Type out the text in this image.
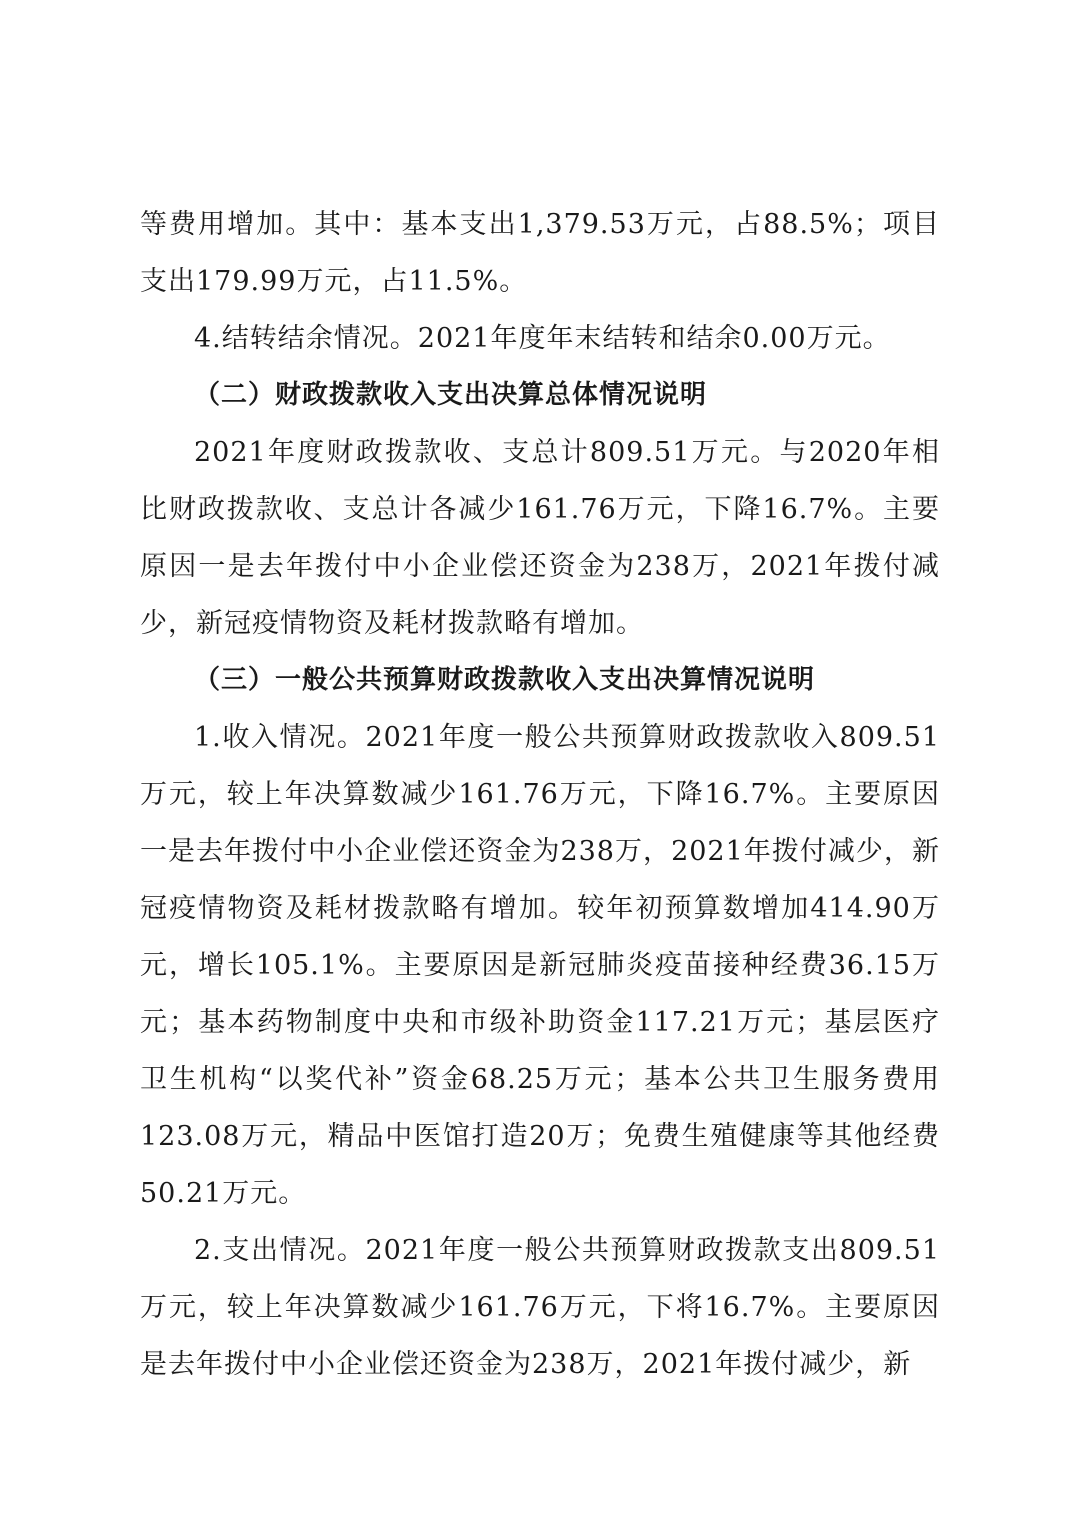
等费用增加。其中：基本支出1,379.53万元，占88.5%；项目支出179.99万元，占11.5%。

4.结转结余情况。2021年度年末结转和结余0.00万元。

（二）财政拨款收入支出决算总体情况说明

2021年度财政拨款收、支总计809.51万元。与2020年相比财政拨款收、支总计各减少161.76万元，下降16.7%。主要原因一是去年拨付中小企业偿还资金为238万，2021年拨付减少，新冠疫情物资及耗材拨款略有增加。

（三）一般公共预算财政拨款收入支出决算情况说明

1.收入情况。2021年度一般公共预算财政拨款收入809.51万元，较上年决算数减少161.76万元，下降16.7%。主要原因一是去年拨付中小企业偿还资金为238万，2021年拨付减少，新冠疫情物资及耗材拨款略有增加。较年初预算数增加414.90万元，增长105.1%。主要原因是新冠肺炎疫苗接种经费36.15万元；基本药物制度中央和市级补助资金117.21万元；基层医疗卫生机构“以奖代补”资金68.25万元；基本公共卫生服务费用123.08万元，精品中医馆打造20万；免费生殖健康等其他经费50.21万元。

2.支出情况。2021年度一般公共预算财政拨款支出809.51万元，较上年决算数减少161.76万元，下将16.7%。主要原因是去年拨付中小企业偿还资金为238万，2021年拨付减少，新
